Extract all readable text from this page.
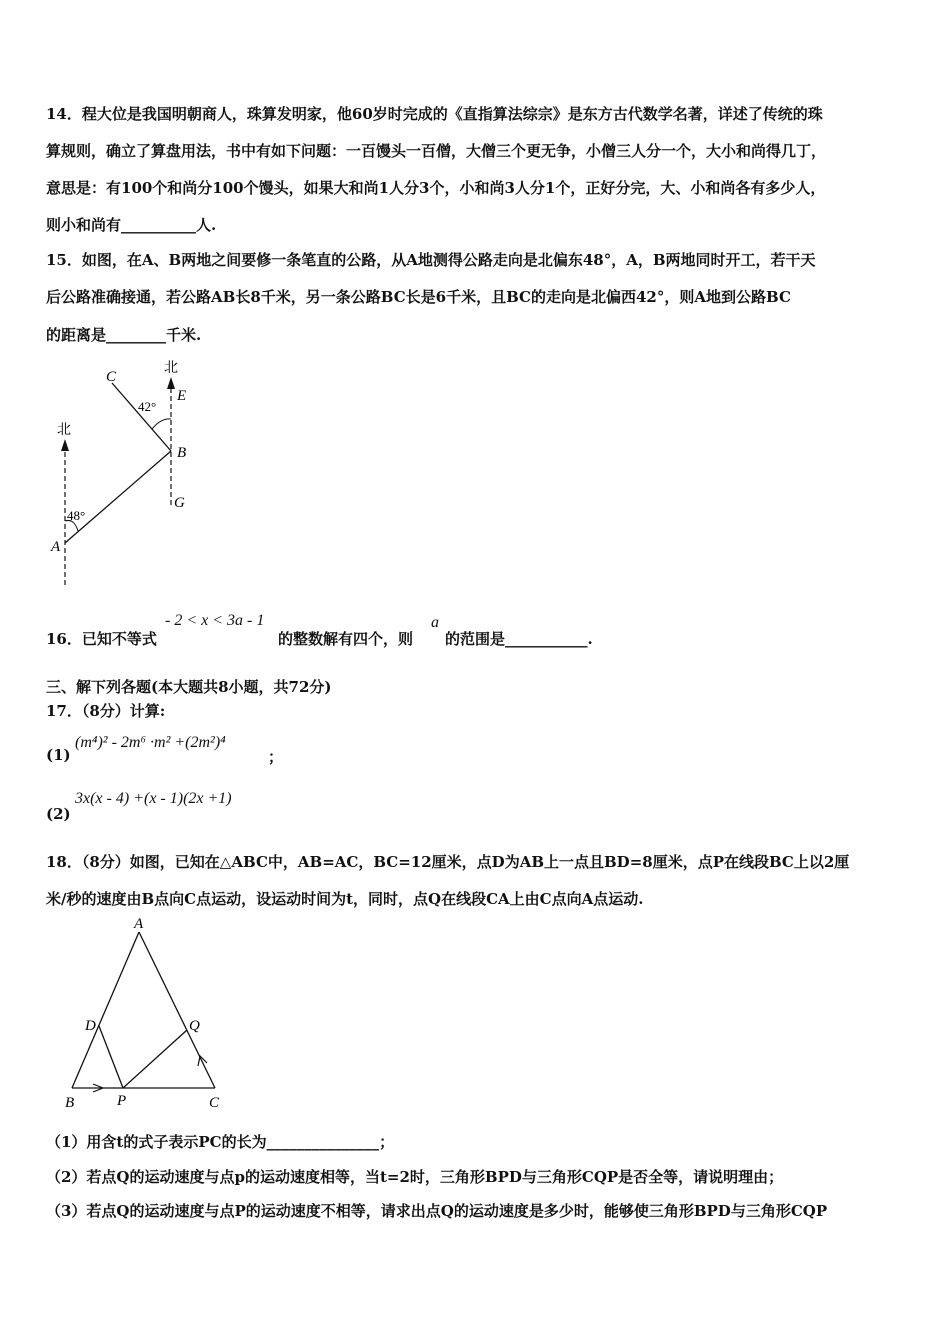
14．程大位是我国明朝商人，珠算发明家，他60岁时完成的《直指算法综宗》是东方古代数学名著，详述了传统的珠
算规则，确立了算盘用法，书中有如下问题：一百馒头一百僧，大僧三个更无争，小僧三人分一个，大小和尚得几丁，
意思是：有100个和尚分100个馒头，如果大和尚1人分3个，小和尚3人分1个，正好分完，大、小和尚各有多少人，
则小和尚有__________人.
15．如图，在A、B两地之间要修一条笔直的公路，从A地测得公路走向是北偏东48°，A，B两地同时开工，若干天
后公路准确接通，若公路AB长8千米，另一条公路BC长是6千米，且BC的走向是北偏西42°，则A地到公路BC
的距离是________千米.
北
北
C
E
B
G
A
42°
48°
16．已知不等式
- 2 < x < 3a - 1
的整数解有四个，则
a
的范围是___________.
三、解下列各题(本大题共8小题，共72分)
17．（8分）计算:
(1)
(m⁴)² - 2m⁶ ·m² +(2m²)⁴
；
(2)
3x(x - 4) +(x - 1)(2x +1)
18．（8分）如图，已知在△ABC中，AB=AC，BC=12厘米，点D为AB上一点且BD=8厘米，点P在线段BC上以2厘
米/秒的速度由B点向C点运动，设运动时间为t，同时，点Q在线段CA上由C点向A点运动.
A
D	Q
B	P	C
（1）用含t的式子表示PC的长为_______________；
（2）若点Q的运动速度与点p的运动速度相等，当t=2时，三角形BPD与三角形CQP是否全等，请说明理由；
（3）若点Q的运动速度与点P的运动速度不相等，请求出点Q的运动速度是多少时，能够使三角形BPD与三角形CQP
